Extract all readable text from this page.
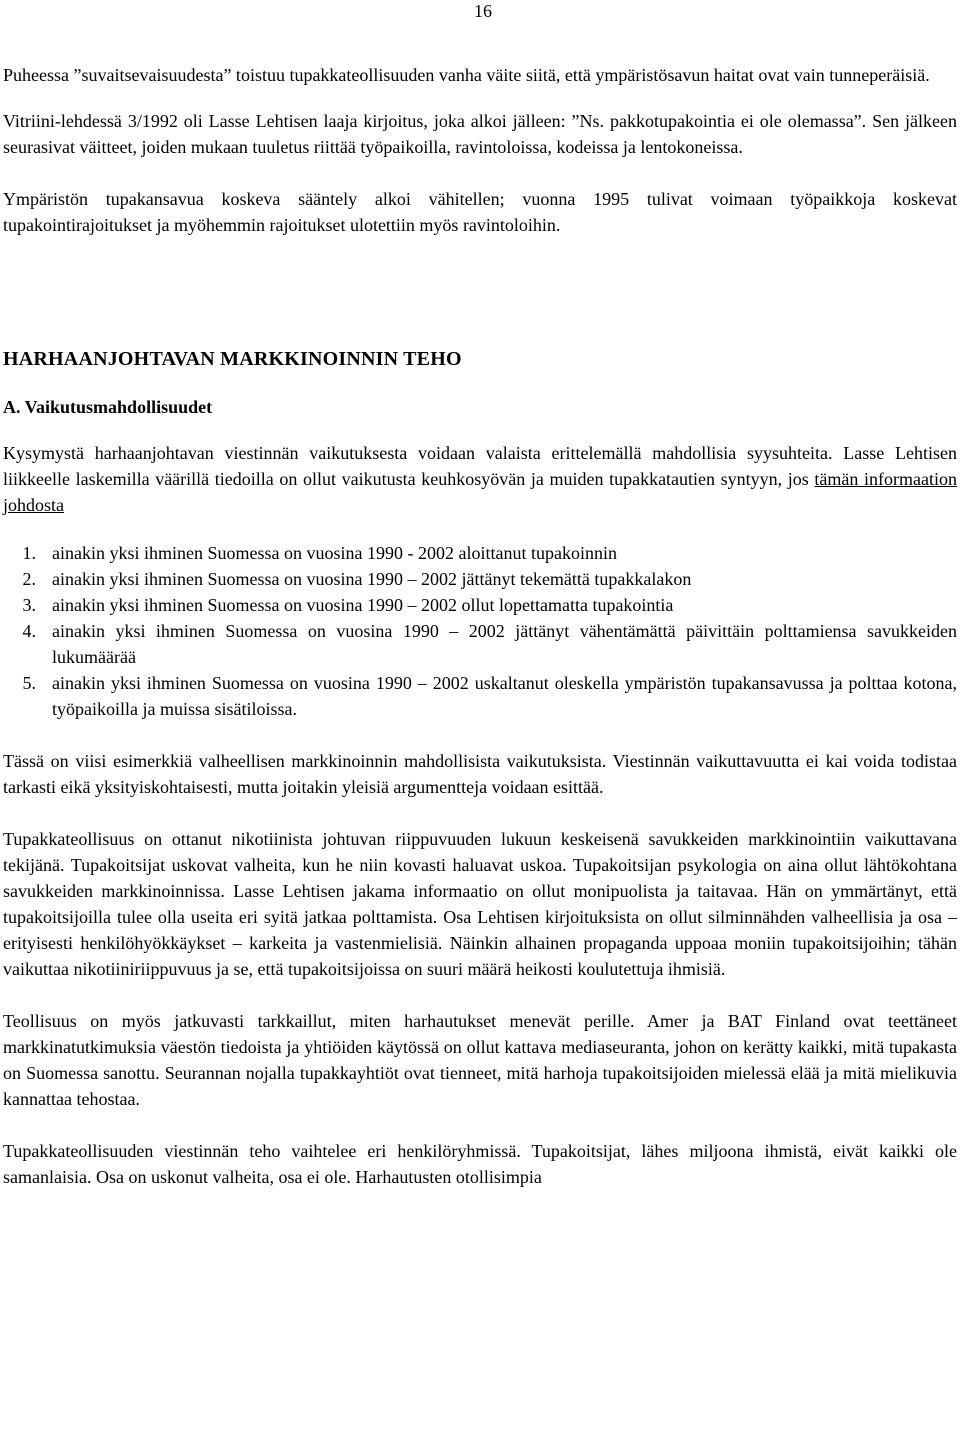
16

Puheessa ”suvaitsevaisuudesta” toistuu tupakkateollisuuden vanha väite siitä, että ympäristösavun haitat ovat vain tunneperäisiä.

Vitriini-lehdessä 3/1992 oli Lasse Lehtisen laaja kirjoitus, joka alkoi jälleen: ”Ns. pakkotupakointia ei ole olemassa”. Sen jälkeen seurasivat väitteet, joiden mukaan tuuletus riittää työpaikoilla, ravintoloissa, kodeissa ja lentokoneissa.

Ympäristön tupakansavua koskeva sääntely alkoi vähitellen; vuonna 1995 tulivat voimaan työpaikkoja koskevat tupakointirajoitukset ja myöhemmin rajoitukset ulotettiin myös ravintoloihin.

HARHAANJOHTAVAN MARKKINOINNIN TEHO
A. Vaikutusmahdollisuudet

Kysymystä harhaanjohtavan viestinnän vaikutuksesta voidaan valaista erittelemällä mahdollisia syysuhteita. Lasse Lehtisen liikkeelle laskemilla väärillä tiedoilla on ollut vaikutusta keuhkosyövän ja muiden tupakkatautien syntyyn, jos tämän informaation johdosta

1. ainakin yksi ihminen Suomessa on vuosina 1990 - 2002 aloittanut tupakoinnin
2. ainakin yksi ihminen Suomessa on vuosina 1990 – 2002 jättänyt tekemättä tupakkalakon
3. ainakin yksi ihminen Suomessa on vuosina 1990 – 2002 ollut lopettamatta tupakointia
4. ainakin yksi ihminen Suomessa on vuosina 1990 – 2002 jättänyt vähentämättä päivittäin polttamiensa savukkeiden lukumäärää
5. ainakin yksi ihminen Suomessa on vuosina 1990 – 2002 uskaltanut oleskella ympäristön tupakansavussa ja polttaa kotona, työpaikoilla ja muissa sisätiloissa.

Tässä on viisi esimerkkiä valheellisen markkinoinnin mahdollisista vaikutuksista. Viestinnän vaikuttavuutta ei kai voida todistaa tarkasti eikä yksityiskohtaisesti, mutta joitakin yleisiä argumentteja voidaan esittää.

Tupakkateollisuus on ottanut nikotiinista johtuvan riippuvuuden lukuun keskeisenä savukkeiden markkinointiin vaikuttavana tekijänä. Tupakoitsijat uskovat valheita, kun he niin kovasti haluavat uskoa. Tupakoitsijan psykologia on aina ollut lähtökohtana savukkeiden markkinoinnissa. Lasse Lehtisen jakama informaatio on ollut monipuolista ja taitavaa. Hän on ymmärtänyt, että tupakoitsijoilla tulee olla useita eri syitä jatkaa polttamista. Osa Lehtisen kirjoituksista on ollut silminnähden valheellisia ja osa – erityisesti henkilöhyökkäykset – karkeita ja vastenmielisiä. Näinkin alhainen propaganda uppoaa moniin tupakoitsijoihin; tähän vaikuttaa nikotiiniriippuvuus ja se, että tupakoitsijoissa on suuri määrä heikosti koulutettuja ihmisiä.

Teollisuus on myös jatkuvasti tarkkaillut, miten harhautukset menevät perille. Amer ja BAT Finland ovat teettäneet markkinatutkimuksia väestön tiedoista ja yhtiöiden käytössä on ollut kattava mediaseuranta, johon on kerätty kaikki, mitä tupakasta on Suomessa sanottu. Seurannan nojalla tupakkayhtiöt ovat tienneet, mitä harhoja tupakoitsijoiden mielessä elää ja mitä mielikuvia kannattaa tehostaa.

Tupakkateollisuuden viestinnän teho vaihtelee eri henkilöryhmissä. Tupakoitsijat, lähes miljoona ihmistä, eivät kaikki ole samanlaisia. Osa on uskonut valheita, osa ei ole. Harhautusten otollisimpia
